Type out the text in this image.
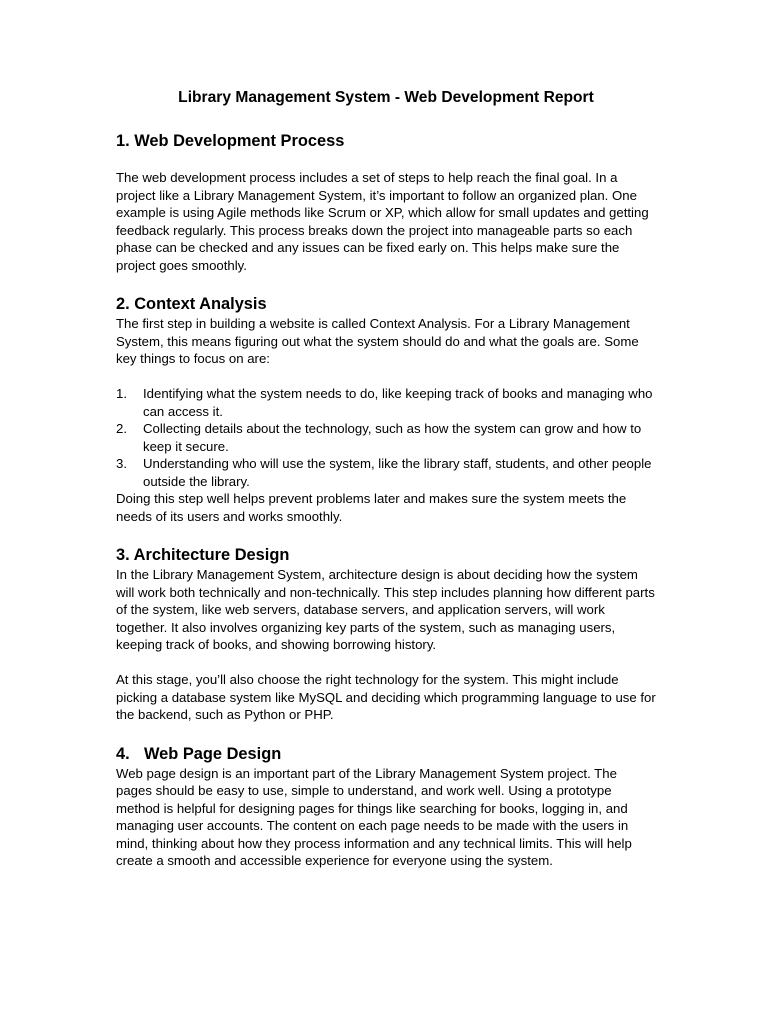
Library Management System - Web Development Report

1. Web Development Process

The web development process includes a set of steps to help reach the final goal. In a project like a Library Management System, it’s important to follow an organized plan. One example is using Agile methods like Scrum or XP, which allow for small updates and getting feedback regularly. This process breaks down the project into manageable parts so each phase can be checked and any issues can be fixed early on. This helps make sure the project goes smoothly.

2. Context Analysis

The first step in building a website is called Context Analysis. For a Library Management System, this means figuring out what the system should do and what the goals are. Some key things to focus on are:

1. Identifying what the system needs to do, like keeping track of books and managing who can access it.
2. Collecting details about the technology, such as how the system can grow and how to keep it secure.
3. Understanding who will use the system, like the library staff, students, and other people outside the library.

Doing this step well helps prevent problems later and makes sure the system meets the needs of its users and works smoothly.

3. Architecture Design

In the Library Management System, architecture design is about deciding how the system will work both technically and non-technically. This step includes planning how different parts of the system, like web servers, database servers, and application servers, will work together. It also involves organizing key parts of the system, such as managing users, keeping track of books, and showing borrowing history.

At this stage, you’ll also choose the right technology for the system. This might include picking a database system like MySQL and deciding which programming language to use for the backend, such as Python or PHP.

4. Web Page Design

Web page design is an important part of the Library Management System project. The pages should be easy to use, simple to understand, and work well. Using a prototype method is helpful for designing pages for things like searching for books, logging in, and managing user accounts. The content on each page needs to be made with the users in mind, thinking about how they process information and any technical limits. This will help create a smooth and accessible experience for everyone using the system.
